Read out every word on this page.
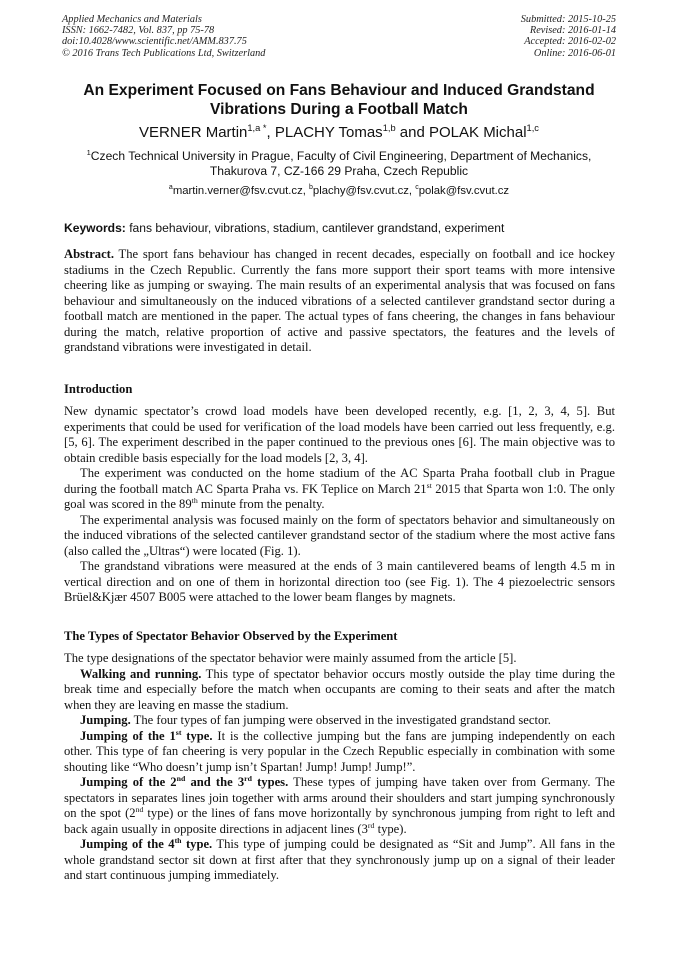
Applied Mechanics and Materials
ISSN: 1662-7482, Vol. 837, pp 75-78
doi:10.4028/www.scientific.net/AMM.837.75
© 2016 Trans Tech Publications Ltd, Switzerland
Submitted: 2015-10-25
Revised: 2016-01-14
Accepted: 2016-02-02
Online: 2016-06-01
An Experiment Focused on Fans Behaviour and Induced Grandstand
Vibrations During a Football Match
VERNER Martin$^{1,a *}$, PLACHY Tomas$^{1,b}$ and POLAK Michal$^{1,c}$
$^1$Czech Technical University in Prague, Faculty of Civil Engineering, Department of Mechanics,
Thakurova 7, CZ-166 29 Praha, Czech Republic
$^a$martin.verner@fsv.cvut.cz, $^b$plachy@fsv.cvut.cz, $^c$polak@fsv.cvut.cz
Keywords: fans behaviour, vibrations, stadium, cantilever grandstand, experiment

Abstract. The sport fans behaviour has changed in recent decades, especially on football and ice hockey stadiums in the Czech Republic. Currently the fans more support their sport teams with more intensive cheering like as jumping or swaying. The main results of an experimental analysis that was focused on fans behaviour and simultaneously on the induced vibrations of a selected cantilever grandstand sector during a football match are mentioned in the paper. The actual types of fans cheering, the changes in fans behaviour during the match, relative proportion of active and passive spectators, the features and the levels of grandstand vibrations were investigated in detail.

Introduction

New dynamic spectator’s crowd load models have been developed recently, e.g. [1, 2, 3, 4, 5]. But experiments that could be used for verification of the load models have been carried out less frequently, e.g. [5, 6]. The experiment described in the paper continued to the previous ones [6]. The main objective was to obtain credible basis especially for the load models [2, 3, 4].

The experiment was conducted on the home stadium of the AC Sparta Praha football club in Prague during the football match AC Sparta Praha vs. FK Teplice on March 21st 2015 that Sparta won 1:0. The only goal was scored in the 89th minute from the penalty.

The experimental analysis was focused mainly on the form of spectators behavior and simultaneously on the induced vibrations of the selected cantilever grandstand sector of the stadium where the most active fans (also called the „Ultras“) were located (Fig. 1).

The grandstand vibrations were measured at the ends of 3 main cantilevered beams of length 4.5 m in vertical direction and on one of them in horizontal direction too (see Fig. 1). The 4 piezoelectric sensors Brüel&Kjær 4507 B005 were attached to the lower beam flanges by magnets.

The Types of Spectator Behavior Observed by the Experiment

The type designations of the spectator behavior were mainly assumed from the article [5].

Walking and running. This type of spectator behavior occurs mostly outside the play time during the break time and especially before the match when occupants are coming to their seats and after the match when they are leaving en masse the stadium.

Jumping. The four types of fan jumping were observed in the investigated grandstand sector.

Jumping of the 1st type. It is the collective jumping but the fans are jumping independently on each other. This type of fan cheering is very popular in the Czech Republic especially in combination with some shouting like “Who doesn’t jump isn’t Spartan! Jump! Jump! Jump!”.

Jumping of the 2nd and the 3rd types. These types of jumping have taken over from Germany. The spectators in separates lines join together with arms around their shoulders and start jumping synchronously on the spot (2nd type) or the lines of fans move horizontally by synchronous jumping from right to left and back again usually in opposite directions in adjacent lines (3rd type).

Jumping of the 4th type. This type of jumping could be designated as “Sit and Jump”. All fans in the whole grandstand sector sit down at first after that they synchronously jump up on a signal of their leader and start continuous jumping immediately.
